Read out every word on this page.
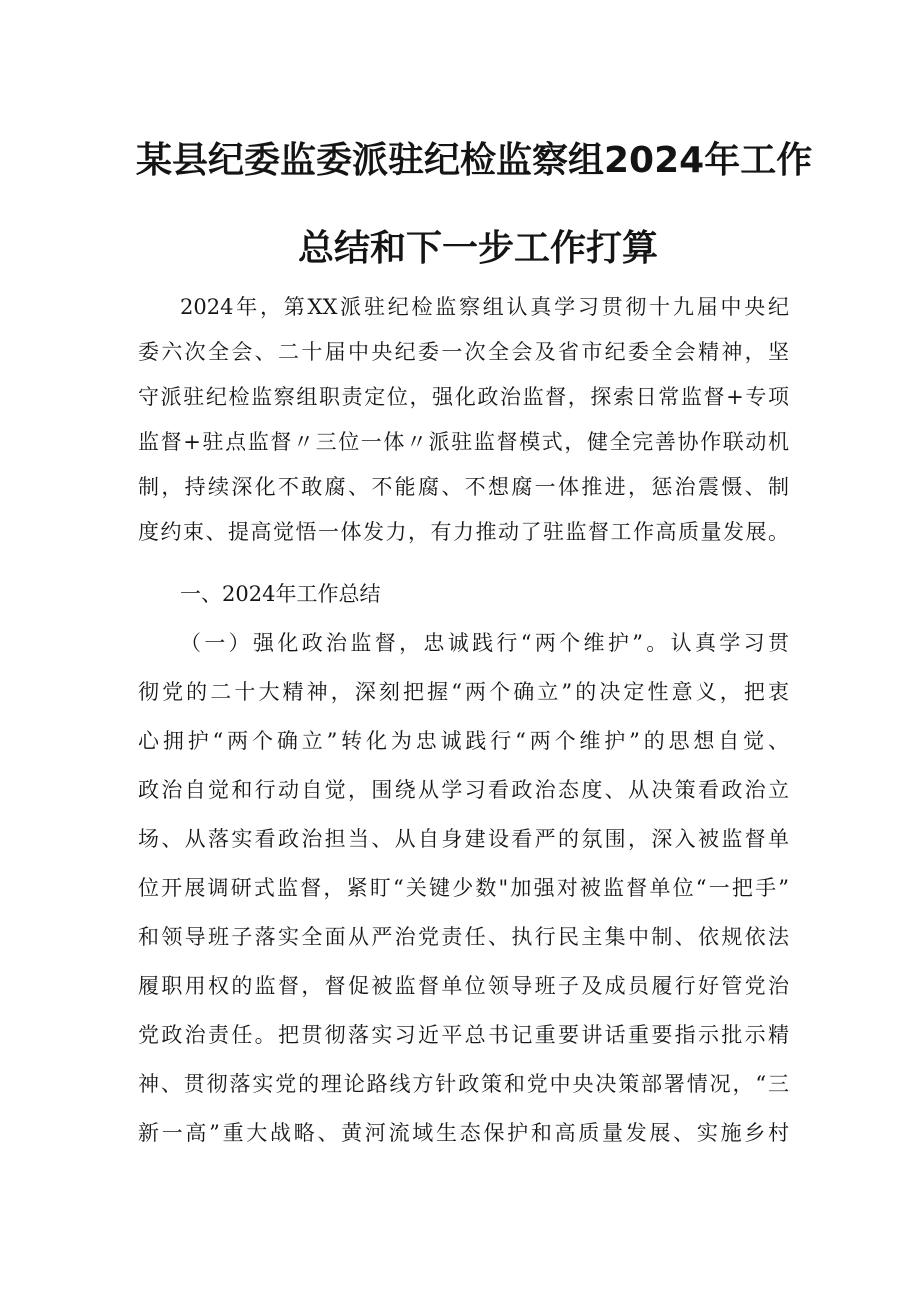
某县纪委监委派驻纪检监察组2024年工作
总结和下一步工作打算
2024年，第XX派驻纪检监察组认真学习贯彻十九届中央纪
委六次全会、二十届中央纪委一次全会及省市纪委全会精神，坚
守派驻纪检监察组职责定位，强化政治监督，探索日常监督+专项
监督+驻点监督〃三位一体〃派驻监督模式，健全完善协作联动机
制，持续深化不敢腐、不能腐、不想腐一体推进，惩治震慑、制
度约束、提高觉悟一体发力，有力推动了驻监督工作高质量发展。
一、2024年工作总结
（一）强化政治监督，忠诚践行“两个维护”。认真学习贯
彻党的二十大精神，深刻把握“两个确立”的决定性意义，把衷
心拥护“两个确立”转化为忠诚践行“两个维护”的思想自觉、
政治自觉和行动自觉，围绕从学习看政治态度、从决策看政治立
场、从落实看政治担当、从自身建设看严的氛围，深入被监督单
位开展调研式监督，紧盯“关键少数"加强对被监督单位“一把手”
和领导班子落实全面从严治党责任、执行民主集中制、依规依法
履职用权的监督，督促被监督单位领导班子及成员履行好管党治
党政治责任。把贯彻落实习近平总书记重要讲话重要指示批示精
神、贯彻落实党的理论路线方针政策和党中央决策部署情况，“三
新一高”重大战略、黄河流域生态保护和高质量发展、实施乡村
